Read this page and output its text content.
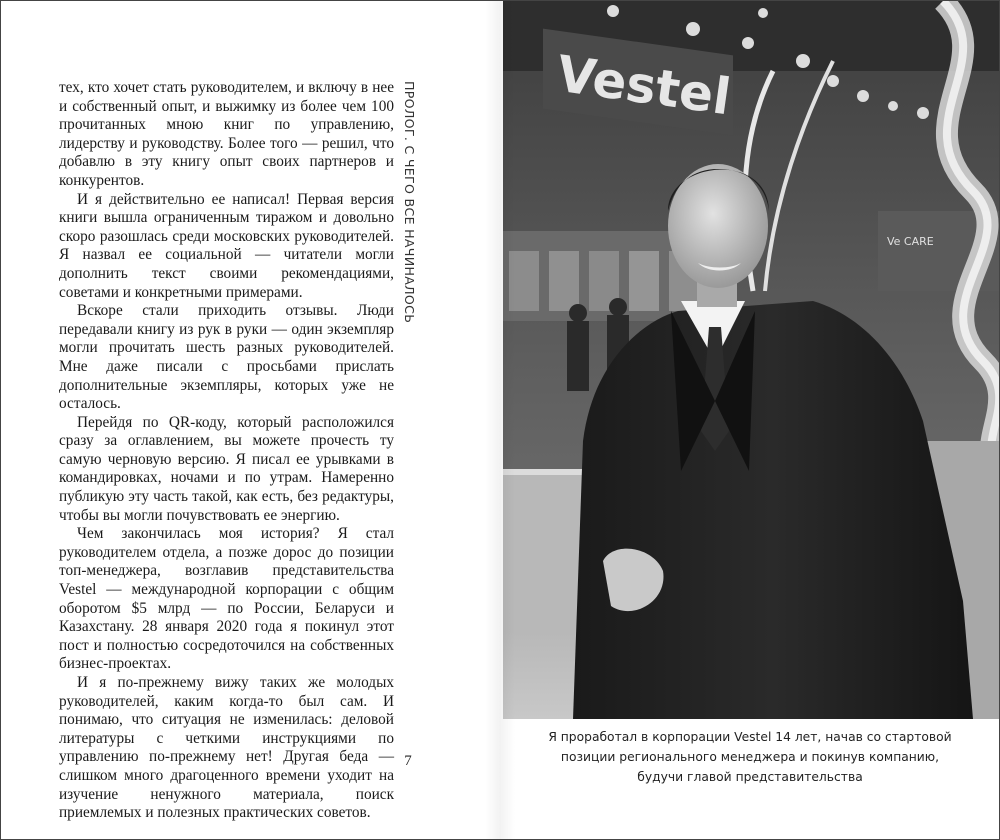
тех, кто хочет стать руководителем, и включу в нее и собственный опыт, и выжимку из более чем 100 прочитанных мною книг по управлению, лидерству и руководству. Более того — решил, что добавлю в эту книгу опыт своих партнеров и конкурентов.

И я действительно ее написал! Первая версия книги вышла ограниченным тиражом и довольно скоро разошлась среди московских руководителей. Я назвал ее социальной — читатели могли дополнить текст своими рекомендациями, советами и конкретными примерами.

Вскоре стали приходить отзывы. Люди передавали книгу из рук в руки — один экземпляр могли прочитать шесть разных руководителей. Мне даже писали с просьбами прислать дополнительные экземпляры, которых уже не осталось.

Перейдя по QR-коду, который расположился сразу за оглавлением, вы можете прочесть ту самую черновую версию. Я писал ее урывками в командировках, ночами и по утрам. Намеренно публикую эту часть такой, как есть, без редактуры, чтобы вы могли почувствовать ее энергию.

Чем закончилась моя история? Я стал руководителем отдела, а позже дорос до позиции топ-менеджера, возглавив представительства Vestel — международной корпорации с общим оборотом $5 млрд — по России, Беларуси и Казахстану. 28 января 2020 года я покинул этот пост и полностью сосредоточился на собственных бизнес-проектах.

И я по-прежнему вижу таких же молодых руководителей, каким когда-то был сам. И понимаю, что ситуация не изменилась: деловой литературы с четкими инструкциями по управлению по-прежнему нет! Другая беда — слишком много драгоценного времени уходит на изучение ненужного материала, поиск приемлемых и полезных практических советов.

ПРОЛОГ. С ЧЕГО ВСЕ НАЧИНАЛОСЬ
7
Vestel
Ve CARE
Я проработал в корпорации Vestel 14 лет, начав со стартовой
позиции регионального менеджера и покинув компанию,
будучи главой представительства
